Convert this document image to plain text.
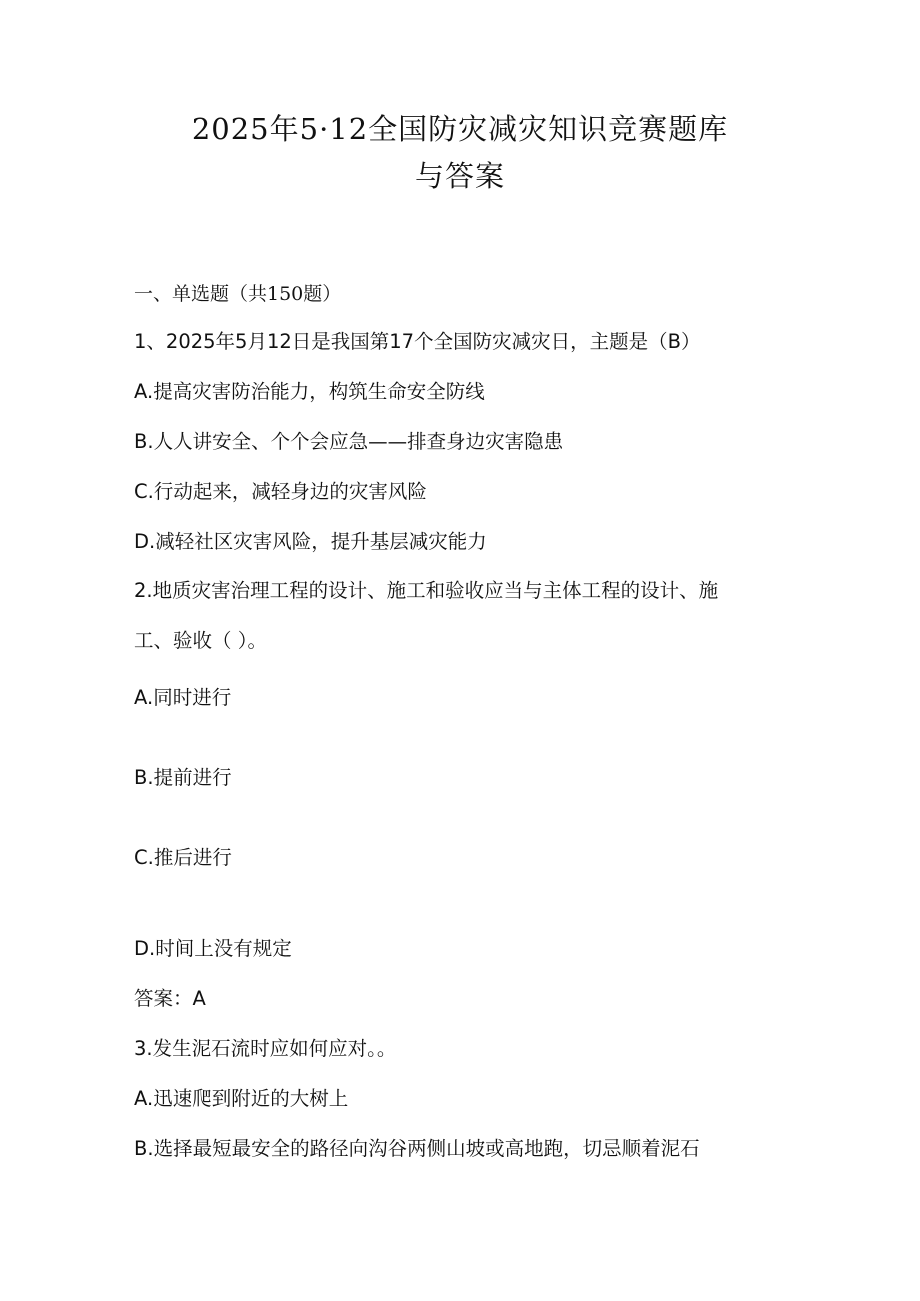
2025年5·12全国防灾减灾知识竞赛题库
与答案
一、单选题（共150题）
1、2025年5月12日是我国第17个全国防灾减灾日，主题是（B）
A.提高灾害防治能力，构筑生命安全防线
B.人人讲安全、个个会应急——排查身边灾害隐患
C.行动起来，减轻身边的灾害风险
D.减轻社区灾害风险，提升基层减灾能力
2.地质灾害治理工程的设计、施工和验收应当与主体工程的设计、施
工、验收（ ）。
A.同时进行
B.提前进行
C.推后进行
D.时间上没有规定
答案：A
3.发生泥石流时应如何应对。。
A.迅速爬到附近的大树上
B.选择最短最安全的路径向沟谷两侧山坡或高地跑，切忌顺着泥石
